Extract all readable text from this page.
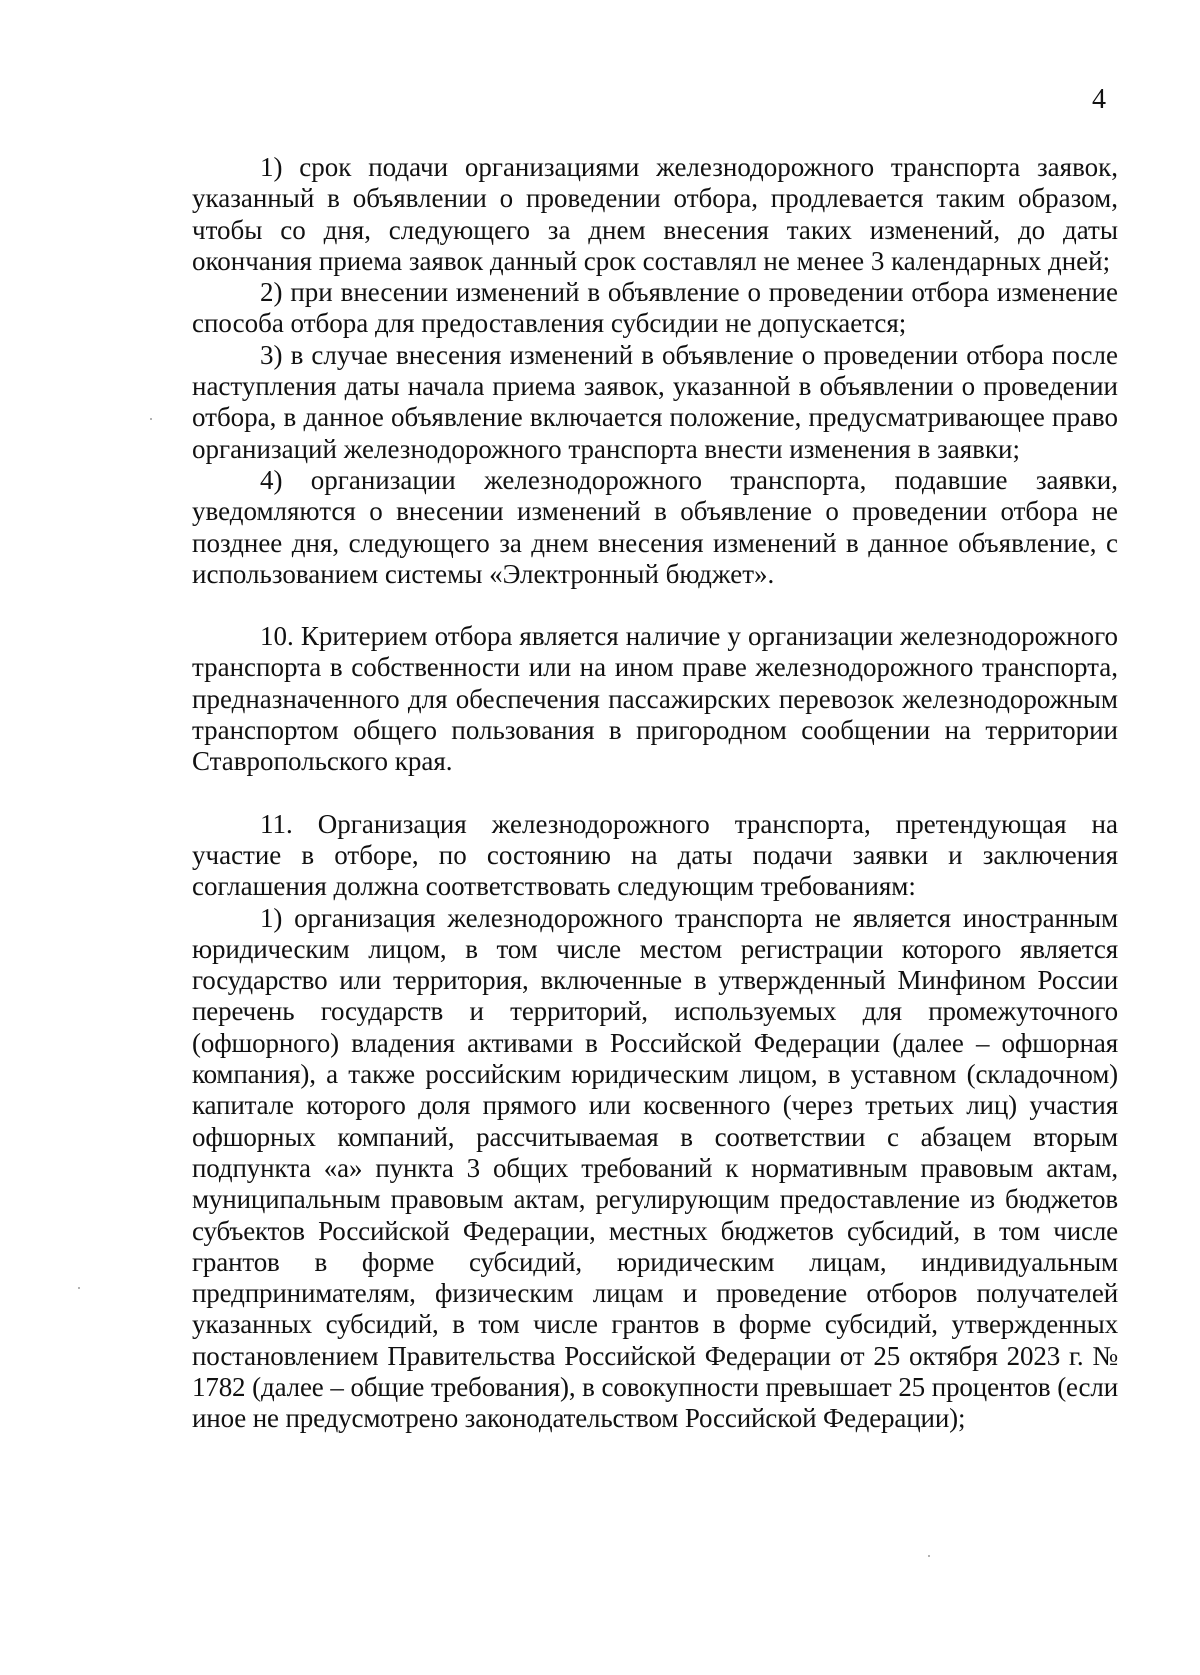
4

1) срок подачи организациями железнодорожного транспорта заявок, указанный в объявлении о проведении отбора, продлевается таким образом, чтобы со дня, следующего за днем внесения таких изменений, до даты окончания приема заявок данный срок составлял не менее 3 календарных дней;

2) при внесении изменений в объявление о проведении отбора изменение способа отбора для предоставления субсидии не допускается;

3) в случае внесения изменений в объявление о проведении отбора после наступления даты начала приема заявок, указанной в объявлении о проведении отбора, в данное объявление включается положение, предусматривающее право организаций железнодорожного транспорта внести изменения в заявки;

4) организации железнодорожного транспорта, подавшие заявки, уведомляются о внесении изменений в объявление о проведении отбора не позднее дня, следующего за днем внесения изменений в данное объявление, с использованием системы «Электронный бюджет».

10. Критерием отбора является наличие у организации железнодорожного транспорта в собственности или на ином праве железнодорожного транспорта, предназначенного для обеспечения пассажирских перевозок железнодорожным транспортом общего пользования в пригородном сообщении на территории Ставропольского края.

11. Организация железнодорожного транспорта, претендующая на участие в отборе, по состоянию на даты подачи заявки и заключения соглашения должна соответствовать следующим требованиям:

1) организация железнодорожного транспорта не является иностранным юридическим лицом, в том числе местом регистрации которого является государство или территория, включенные в утвержденный Минфином России перечень государств и территорий, используемых для промежуточного (офшорного) владения активами в Российской Федерации (далее – офшорная компания), а также российским юридическим лицом, в уставном (складочном) капитале которого доля прямого или косвенного (через третьих лиц) участия офшорных компаний, рассчитываемая в соответствии с абзацем вторым подпункта «а» пункта 3 общих требований к нормативным правовым актам, муниципальным правовым актам, регулирующим предоставление из бюджетов субъектов Российской Федерации, местных бюджетов субсидий, в том числе грантов в форме субсидий, юридическим лицам, индивидуальным предпринимателям, физическим лицам и проведение отборов получателей указанных субсидий, в том числе грантов в форме субсидий, утвержденных постановлением Правительства Российской Федерации от 25 октября 2023 г. № 1782 (далее – общие требования), в совокупности превышает 25 процентов (если иное не предусмотрено законодательством Российской Федерации);
